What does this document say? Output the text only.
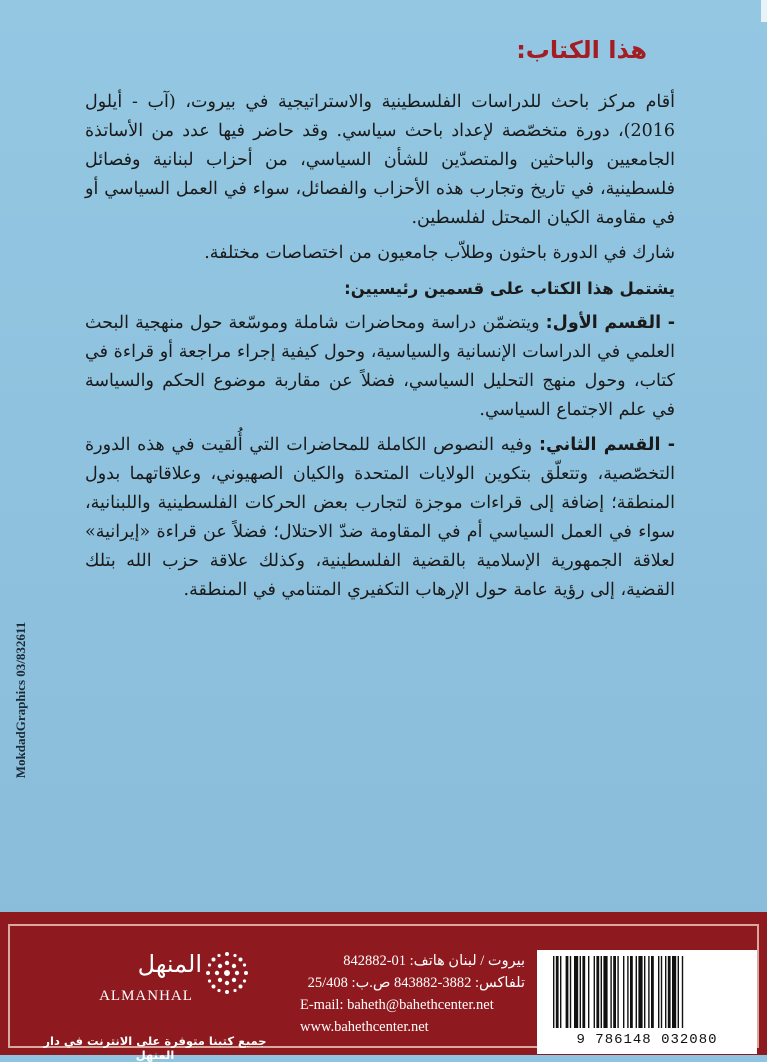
هذا الكتاب:

أقام مركز باحث للدراسات الفلسطينية والاستراتيجية في بيروت، (آب - أيلول 2016)، دورة متخصّصة لإعداد باحث سياسي. وقد حاضر فيها عدد من الأساتذة الجامعيين والباحثين والمتصدّين للشأن السياسي، من أحزاب لبنانية وفصائل فلسطينية، في تاريخ وتجارب هذه الأحزاب والفصائل، سواء في العمل السياسي أو في مقاومة الكيان المحتل لفلسطين.

شارك في الدورة باحثون وطلاّب جامعيون من اختصاصات مختلفة.

يشتمل هذا الكتاب على قسمين رئيسيين:

- القسم الأول: ويتضمّن دراسة ومحاضرات شاملة وموسّعة حول منهجية البحث العلمي في الدراسات الإنسانية والسياسية، وحول كيفية إجراء مراجعة أو قراءة في كتاب، وحول منهج التحليل السياسي، فضلاً عن مقاربة موضوع الحكم والسياسة في علم الاجتماع السياسي.

- القسم الثاني: وفيه النصوص الكاملة للمحاضرات التي أُلقيت في هذه الدورة التخصّصية، وتتعلّق بتكوين الولايات المتحدة والكيان الصهيوني، وعلاقاتهما بدول المنطقة؛ إضافة إلى قراءات موجزة لتجارب بعض الحركات الفلسطينية واللبنانية، سواء في العمل السياسي أم في المقاومة ضدّ الاحتلال؛ فضلاً عن قراءة «إيرانية» لعلاقة الجمهورية الإسلامية بالقضية الفلسطينية، وكذلك علاقة حزب الله بتلك القضية، إلى رؤية عامة حول الإرهاب التكفيري المتنامي في المنطقة.

MokdadGraphics 03/832611
المنهل
ALMANHAL
جميع كتبنا متوفرة على الانترنت في دار المنهل
بيروت / لبنان هاتف: 01-842882
تلفاكس: 3882-843882 ص.ب: 25/408
E-mail: baheth@bahethcenter.net
www.bahethcenter.net
9 786148 032080
